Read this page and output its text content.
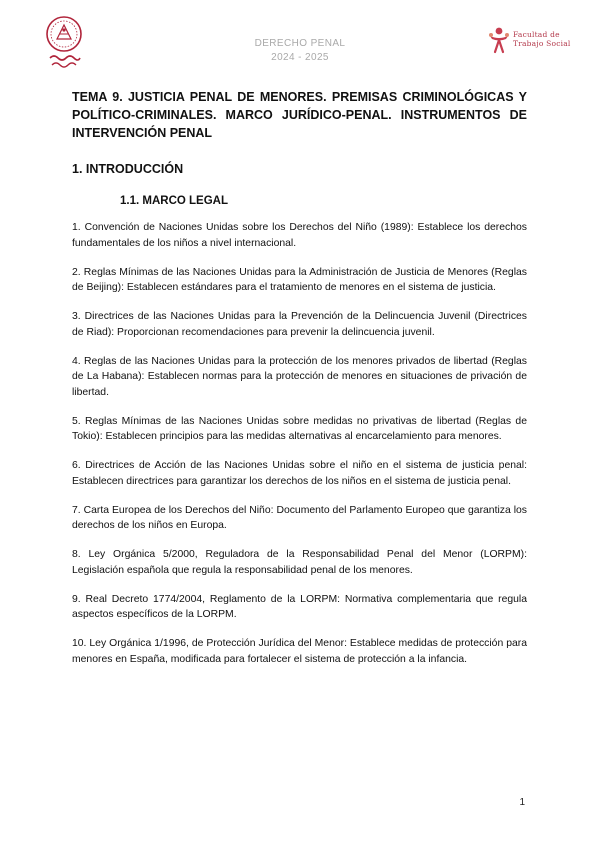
DERECHO PENAL
2024 - 2025
Facultad de
Trabajo Social
TEMA 9. JUSTICIA PENAL DE MENORES. PREMISAS CRIMINOLÓGICAS Y POLÍTICO-CRIMINALES. MARCO JURÍDICO-PENAL. INSTRUMENTOS DE INTERVENCIÓN PENAL
1. INTRODUCCIÓN
1.1. MARCO LEGAL

1. Convención de Naciones Unidas sobre los Derechos del Niño (1989): Establece los derechos fundamentales de los niños a nivel internacional.

2. Reglas Mínimas de las Naciones Unidas para la Administración de Justicia de Menores (Reglas de Beijing): Establecen estándares para el tratamiento de menores en el sistema de justicia.

3. Directrices de las Naciones Unidas para la Prevención de la Delincuencia Juvenil (Directrices de Riad): Proporcionan recomendaciones para prevenir la delincuencia juvenil.

4. Reglas de las Naciones Unidas para la protección de los menores privados de libertad (Reglas de La Habana): Establecen normas para la protección de menores en situaciones de privación de libertad.

5. Reglas Mínimas de las Naciones Unidas sobre medidas no privativas de libertad (Reglas de Tokio): Establecen principios para las medidas alternativas al encarcelamiento para menores.

6. Directrices de Acción de las Naciones Unidas sobre el niño en el sistema de justicia penal: Establecen directrices para garantizar los derechos de los niños en el sistema de justicia penal.

7. Carta Europea de los Derechos del Niño: Documento del Parlamento Europeo que garantiza los derechos de los niños en Europa.

8. Ley Orgánica 5/2000, Reguladora de la Responsabilidad Penal del Menor (LORPM): Legislación española que regula la responsabilidad penal de los menores.

9. Real Decreto 1774/2004, Reglamento de la LORPM: Normativa complementaria que regula aspectos específicos de la LORPM.

10. Ley Orgánica 1/1996, de Protección Jurídica del Menor: Establece medidas de protección para menores en España, modificada para fortalecer el sistema de protección a la infancia.

1
